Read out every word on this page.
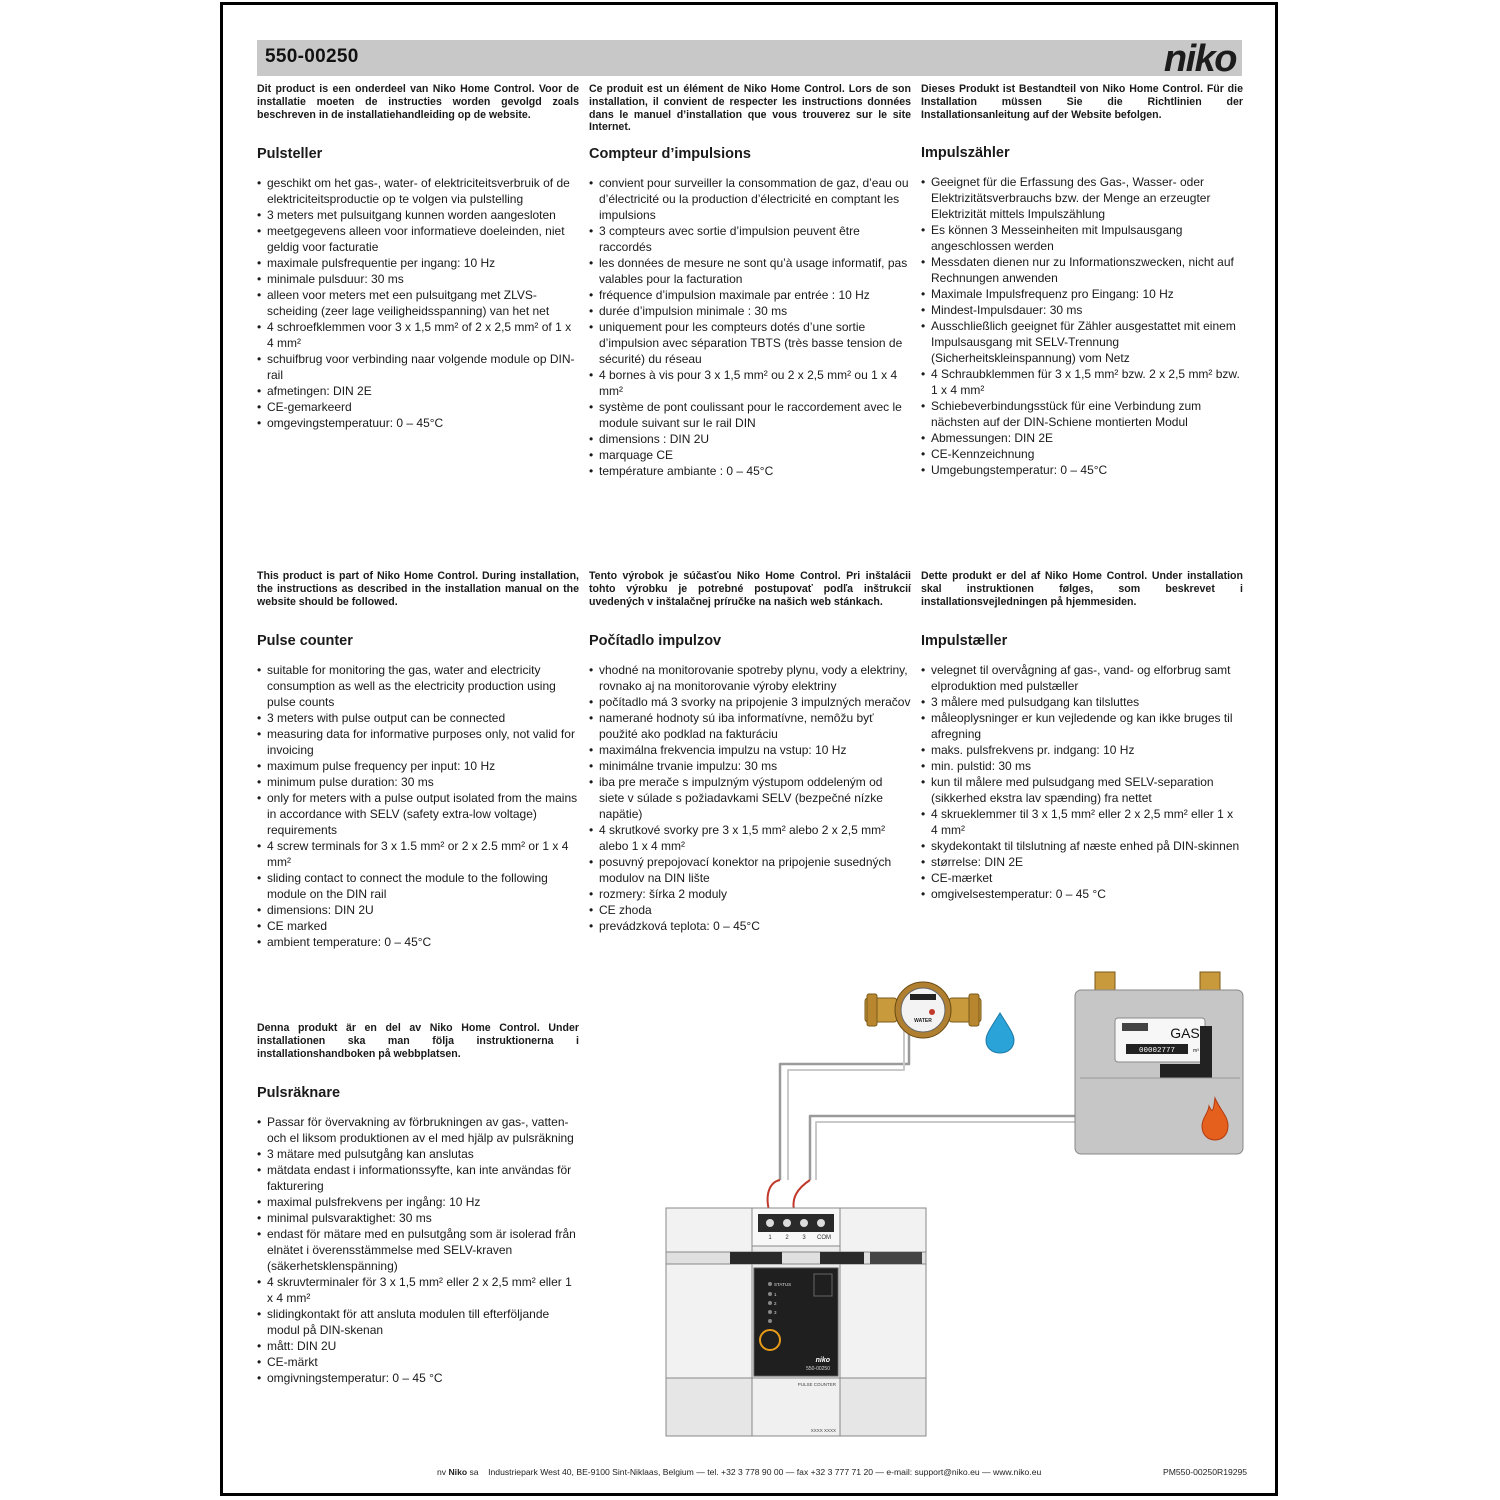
550-00250	niko

Dit product is een onderdeel van Niko Home Control. Voor de installatie moeten de instructies worden gevolgd zoals beschreven in de installatiehandleiding op de website.

Pulsteller
• geschikt om het gas-, water- of elektriciteitsverbruik of de elektriciteitsproductie op te volgen via pulstelling
• 3 meters met pulsuitgang kunnen worden aangesloten
• meetgegevens alleen voor informatieve doeleinden, niet geldig voor facturatie
• maximale pulsfrequentie per ingang: 10 Hz
• minimale pulsduur: 30 ms
• alleen voor meters met een pulsuitgang met ZLVS-scheiding (zeer lage veiligheidsspanning) van het net
• 4 schroefklemmen voor 3 x 1,5 mm² of 2 x 2,5 mm² of 1 x 4 mm²
• schuifbrug voor verbinding naar volgende module op DIN-rail
• afmetingen: DIN 2E
• CE-gemarkeerd
• omgevingstemperatuur: 0 – 45°C

Ce produit est un élément de Niko Home Control. Lors de son installation, il convient de respecter les instructions données dans le manuel d’installation que vous trouverez sur le site Internet.

Compteur d’impulsions
• convient pour surveiller la consommation de gaz, d’eau ou d’électricité ou la production d’électricité en comptant les impulsions
• 3 compteurs avec sortie d’impulsion peuvent être raccordés
• les données de mesure ne sont qu’à usage informatif, pas valables pour la facturation
• fréquence d’impulsion maximale par entrée : 10 Hz
• durée d’impulsion minimale : 30 ms
• uniquement pour les compteurs dotés d’une sortie d’impulsion avec séparation TBTS (très basse tension de sécurité) du réseau
• 4 bornes à vis pour 3 x 1,5 mm² ou 2 x 2,5 mm² ou 1 x 4 mm²
• système de pont coulissant pour le raccordement avec le module suivant sur le rail DIN
• dimensions : DIN 2U
• marquage CE
• température ambiante : 0 – 45°C

Dieses Produkt ist Bestandteil von Niko Home Control. Für die Installation müssen Sie die Richtlinien der Installationsanleitung auf der Website befolgen.

Impulszähler
• Geeignet für die Erfassung des Gas-, Wasser- oder Elektrizitätsverbrauchs bzw. der Menge an erzeugter Elektrizität mittels Impulszählung
• Es können 3 Messeinheiten mit Impulsausgang angeschlossen werden
• Messdaten dienen nur zu Informationszwecken, nicht auf Rechnungen anwenden
• Maximale Impulsfrequenz pro Eingang: 10 Hz
• Mindest-Impulsdauer: 30 ms
• Ausschließlich geeignet für Zähler ausgestattet mit einem Impulsausgang mit SELV-Trennung (Sicherheitskleinspannung) vom Netz
• 4 Schraubklemmen für 3 x 1,5 mm² bzw. 2 x 2,5 mm² bzw. 1 x 4 mm²
• Schiebeverbindungsstück für eine Verbindung zum nächsten auf der DIN-Schiene montierten Modul
• Abmessungen: DIN 2E
• CE-Kennzeichnung
• Umgebungstemperatur: 0 – 45°C

This product is part of Niko Home Control. During installation, the instructions as described in the installation manual on the website should be followed.

Pulse counter
• suitable for monitoring the gas, water and electricity consumption as well as the electricity production using pulse counts
• 3 meters with pulse output can be connected
• measuring data for informative purposes only, not valid for invoicing
• maximum pulse frequency per input: 10 Hz
• minimum pulse duration: 30 ms
• only for meters with a pulse output isolated from the mains in accordance with SELV (safety extra-low voltage) requirements
• 4 screw terminals for 3 x 1.5 mm² or 2 x 2.5 mm² or 1 x 4 mm²
• sliding contact to connect the module to the following module on the DIN rail
• dimensions: DIN 2U
• CE marked
• ambient temperature: 0 – 45°C

Tento výrobok je súčasťou Niko Home Control. Pri inštalácii tohto výrobku je potrebné postupovať podľa inštrukcií uvedených v inštalačnej príručke na našich web stánkach.

Počítadlo impulzov
• vhodné na monitorovanie spotreby plynu, vody a elektriny, rovnako aj na monitorovanie výroby elektriny
• počítadlo má 3 svorky na pripojenie 3 impulzných meračov
• namerané hodnoty sú iba informatívne, nemôžu byť použité ako podklad na fakturáciu
• maximálna frekvencia impulzu na vstup: 10 Hz
• minimálne trvanie impulzu: 30 ms
• iba pre merače s impulzným výstupom oddeleným od siete v súlade s požiadavkami SELV (bezpečné nízke napätie)
• 4 skrutkové svorky pre 3 x 1,5 mm² alebo 2 x 2,5 mm² alebo 1 x 4 mm²
• posuvný prepojovací konektor na pripojenie susedných modulov na DIN lište
• rozmery: šírka 2 moduly
• CE zhoda
• prevádzková teplota: 0 – 45°C

Dette produkt er del af Niko Home Control. Under installation skal instruktionen følges, som beskrevet i installationsvejledningen på hjemmesiden.

Impulstæller
• velegnet til overvågning af gas-, vand- og elforbrug samt elproduktion med pulstæller
• 3 målere med pulsudgang kan tilsluttes
• måleoplysninger er kun vejledende og kan ikke bruges til afregning
• maks. pulsfrekvens pr. indgang: 10 Hz
• min. pulstid: 30 ms
• kun til målere med pulsudgang med SELV-separation (sikkerhed ekstra lav spænding) fra nettet
• 4 skrueklemmer til 3 x 1,5 mm² eller 2 x 2,5 mm² eller 1 x 4 mm²
• skydekontakt til tilslutning af næste enhed på DIN-skinnen
• størrelse: DIN 2E
• CE-mærket
• omgivelsestemperatur: 0 – 45 °C

Denna produkt är en del av Niko Home Control. Under installationen ska man följa instruktionerna i installationshandboken på webbplatsen.

Pulsräknare
• Passar för övervakning av förbrukningen av gas-, vatten- och el liksom produktionen av el med hjälp av pulsräkning
• 3 mätare med pulsutgång kan anslutas
• mätdata endast i informationssyfte, kan inte användas för fakturering
• maximal pulsfrekvens per ingång: 10 Hz
• minimal pulsvaraktighet: 30 ms
• endast för mätare med en pulsutgång som är isolerad från elnätet i överensstämmelse med SELV-kraven (säkerhetsklenspänning)
• 4 skruvterminaler för 3 x 1,5 mm² eller 2 x 2,5 mm² eller 1 x 4 mm²
• slidingkontakt för att ansluta modulen till efterföljande modul på DIN-skenan
• mått: DIN 2U
• CE-märkt
• omgivningstemperatur: 0 – 45 °C
WATER
GAS
00002777	m³
1 2 3 COM
STATUS
1
2
3
niko
550-00250
PULSE COUNTER
XXXX XXXX
nv Niko sa Industriepark West 40, BE-9100 Sint-Niklaas, Belgium — tel. +32 3 778 90 00 — fax +32 3 777 71 20 — e-mail: support@niko.eu — www.niko.eu	PM550-00250R19295
